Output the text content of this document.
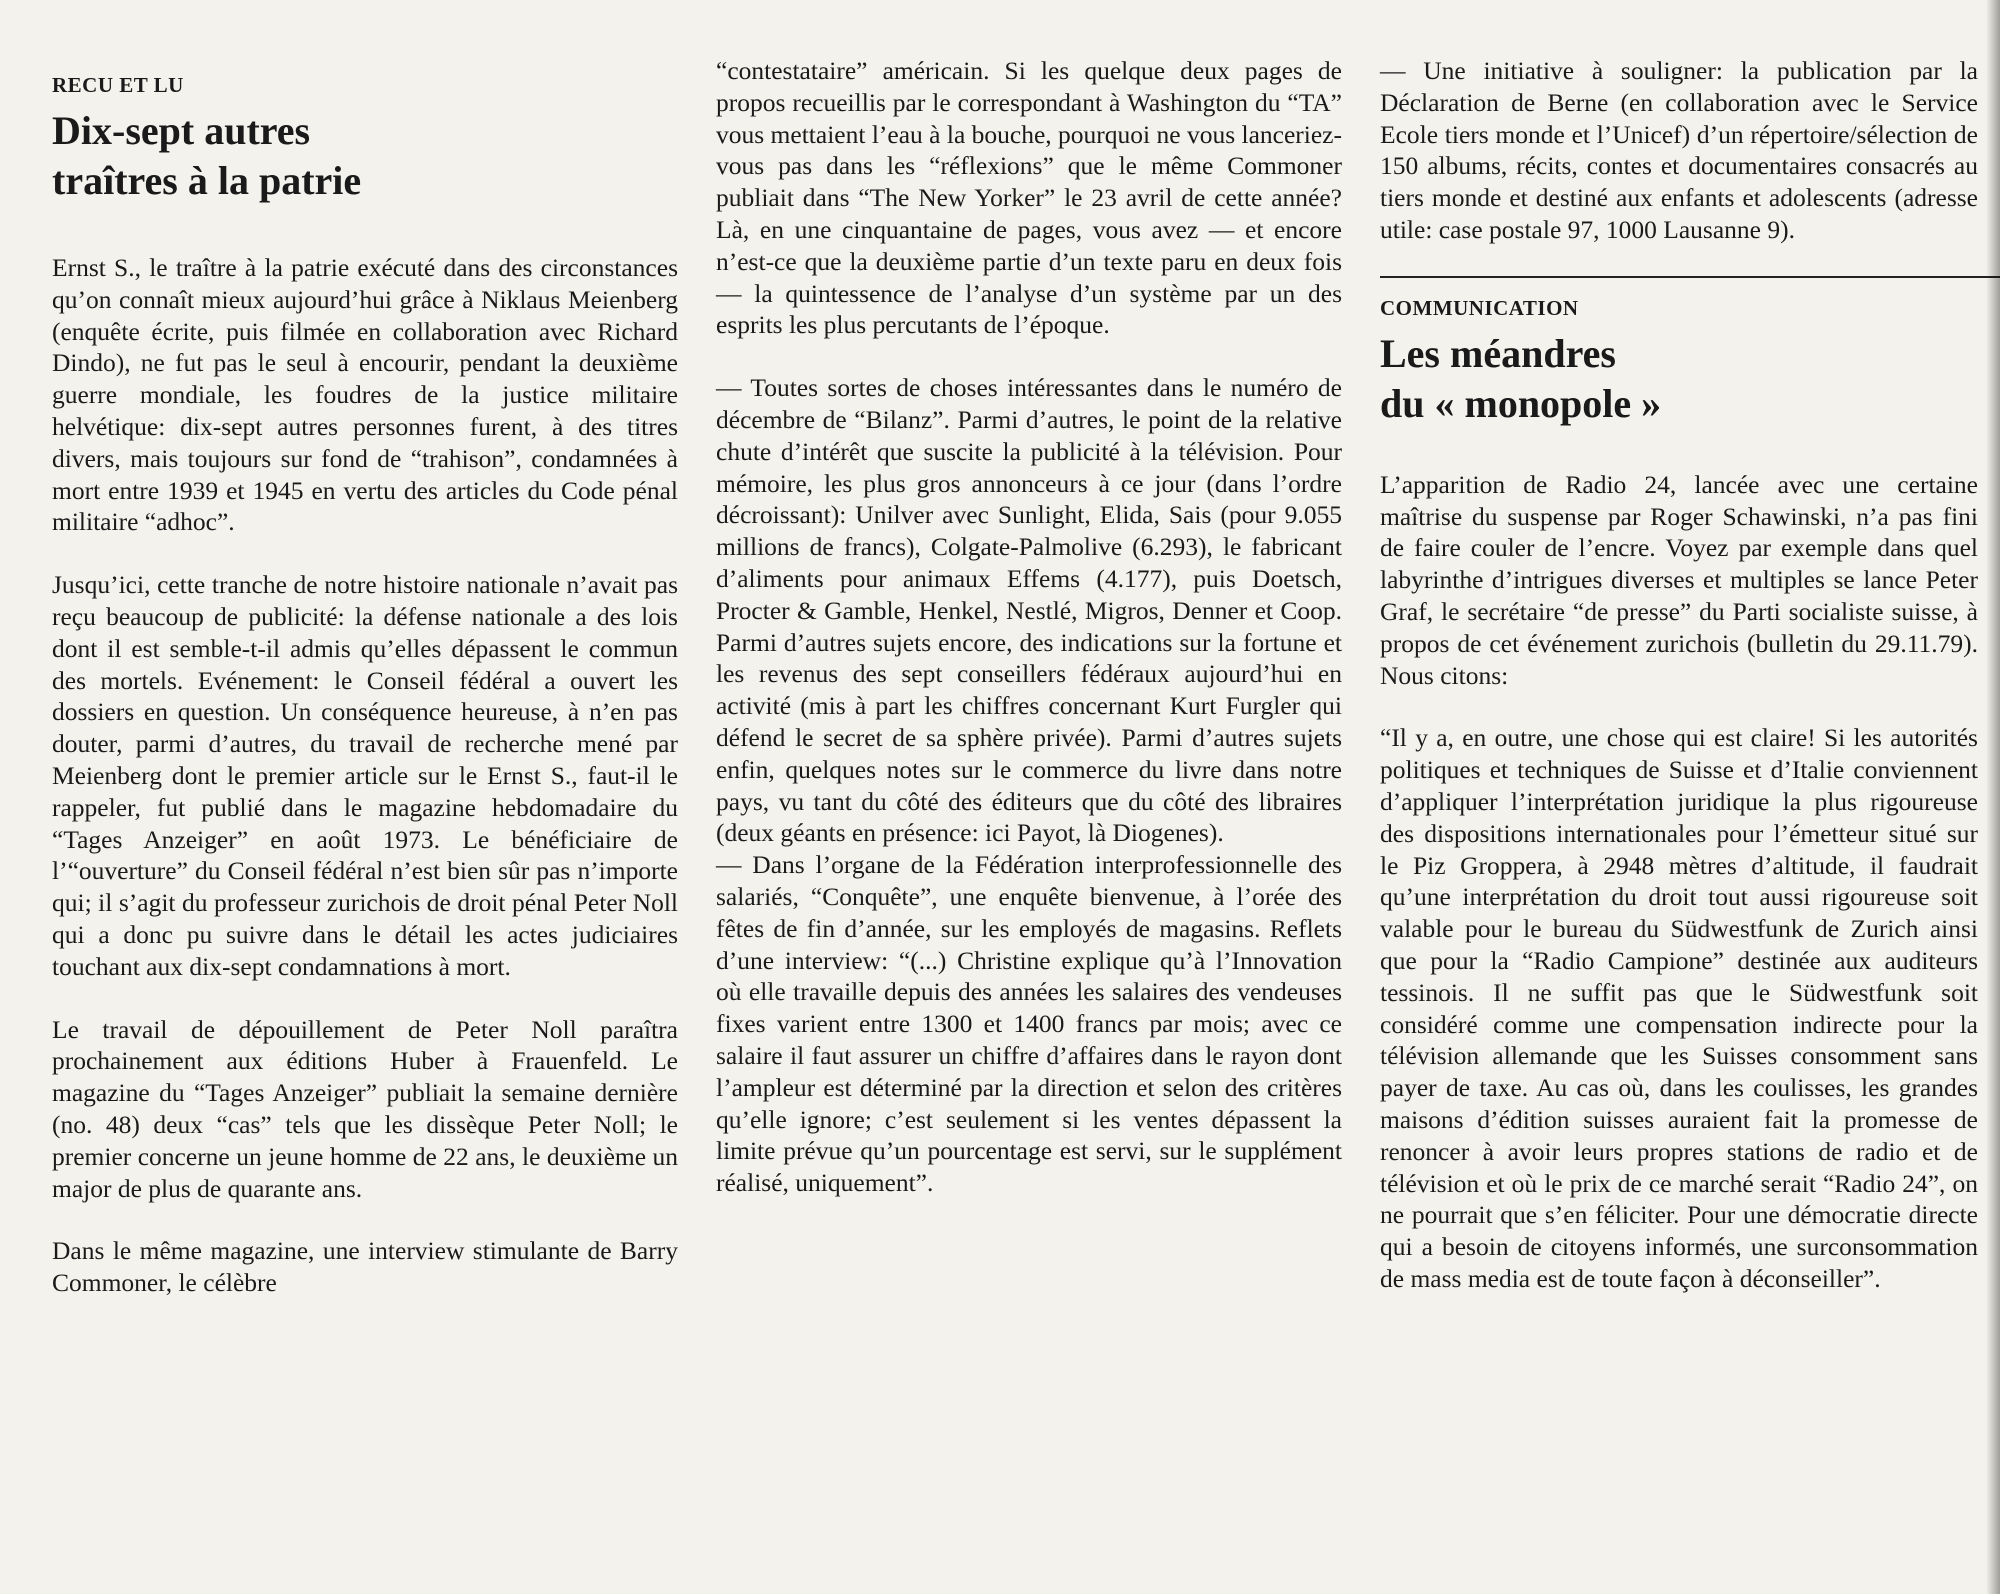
RECU ET LU
Dix-sept autres
traîtres à la patrie

Ernst S., le traître à la patrie exécuté dans des circonstances qu’on connaît mieux aujourd’hui grâce à Niklaus Meienberg (enquête écrite, puis filmée en collaboration avec Richard Dindo), ne fut pas le seul à encourir, pendant la deuxième guerre mondiale, les foudres de la justice militaire helvétique: dix-sept autres personnes furent, à des titres divers, mais toujours sur fond de “trahison”, condamnées à mort entre 1939 et 1945 en vertu des articles du Code pénal militaire “adhoc”.

Jusqu’ici, cette tranche de notre histoire nationale n’avait pas reçu beaucoup de publicité: la défense nationale a des lois dont il est semble-t-il admis qu’elles dépassent le commun des mortels. Evénement: le Conseil fédéral a ouvert les dossiers en question. Un conséquence heureuse, à n’en pas douter, parmi d’autres, du travail de recherche mené par Meienberg dont le premier article sur le Ernst S., faut-il le rappeler, fut publié dans le magazine hebdomadaire du “Tages Anzeiger” en août 1973. Le bénéficiaire de l’“ouverture” du Conseil fédéral n’est bien sûr pas n’importe qui; il s’agit du professeur zurichois de droit pénal Peter Noll qui a donc pu suivre dans le détail les actes judiciaires touchant aux dix-sept condamnations à mort.

Le travail de dépouillement de Peter Noll paraîtra prochainement aux éditions Huber à Frauenfeld. Le magazine du “Tages Anzeiger” publiait la semaine dernière (no. 48) deux “cas” tels que les dissèque Peter Noll; le premier concerne un jeune homme de 22 ans, le deuxième un major de plus de quarante ans.

Dans le même magazine, une interview stimulante de Barry Commoner, le célèbre

“contestataire” américain. Si les quelque deux pages de propos recueillis par le correspondant à Washington du “TA” vous mettaient l’eau à la bouche, pourquoi ne vous lanceriez-vous pas dans les “réflexions” que le même Commoner publiait dans “The New Yorker” le 23 avril de cette année? Là, en une cinquantaine de pages, vous avez — et encore n’est-ce que la deuxième partie d’un texte paru en deux fois — la quintessence de l’analyse d’un système par un des esprits les plus percutants de l’époque.

— Toutes sortes de choses intéressantes dans le numéro de décembre de “Bilanz”. Parmi d’autres, le point de la relative chute d’intérêt que suscite la publicité à la télévision. Pour mémoire, les plus gros annonceurs à ce jour (dans l’ordre décroissant): Unilver avec Sunlight, Elida, Sais (pour 9.055 millions de francs), Colgate-Palmolive (6.293), le fabricant d’aliments pour animaux Effems (4.177), puis Doetsch, Procter & Gamble, Henkel, Nestlé, Migros, Denner et Coop. Parmi d’autres sujets encore, des indications sur la fortune et les revenus des sept conseillers fédéraux aujourd’hui en activité (mis à part les chiffres concernant Kurt Furgler qui défend le secret de sa sphère privée). Parmi d’autres sujets enfin, quelques notes sur le commerce du livre dans notre pays, vu tant du côté des éditeurs que du côté des libraires (deux géants en présence: ici Payot, là Diogenes).

— Dans l’organe de la Fédération interprofessionnelle des salariés, “Conquête”, une enquête bienvenue, à l’orée des fêtes de fin d’année, sur les employés de magasins. Reflets d’une interview: “(...) Christine explique qu’à l’Innovation où elle travaille depuis des années les salaires des vendeuses fixes varient entre 1300 et 1400 francs par mois; avec ce salaire il faut assurer un chiffre d’affaires dans le rayon dont l’ampleur est déterminé par la direction et selon des critères qu’elle ignore; c’est seulement si les ventes dépassent la limite prévue qu’un pourcentage est servi, sur le supplément réalisé, uniquement”.

— Une initiative à souligner: la publication par la Déclaration de Berne (en collaboration avec le Service Ecole tiers monde et l’Unicef) d’un répertoire/sélection de 150 albums, récits, contes et documentaires consacrés au tiers monde et destiné aux enfants et adolescents (adresse utile: case postale 97, 1000 Lausanne 9).

COMMUNICATION
Les méandres
du « monopole »

L’apparition de Radio 24, lancée avec une certaine maîtrise du suspense par Roger Schawinski, n’a pas fini de faire couler de l’encre. Voyez par exemple dans quel labyrinthe d’intrigues diverses et multiples se lance Peter Graf, le secrétaire “de presse” du Parti socialiste suisse, à propos de cet événement zurichois (bulletin du 29.11.79). Nous citons:

“Il y a, en outre, une chose qui est claire! Si les autorités politiques et techniques de Suisse et d’Italie conviennent d’appliquer l’interprétation juridique la plus rigoureuse des dispositions internationales pour l’émetteur situé sur le Piz Groppera, à 2948 mètres d’altitude, il faudrait qu’une interprétation du droit tout aussi rigoureuse soit valable pour le bureau du Südwestfunk de Zurich ainsi que pour la “Radio Campione” destinée aux auditeurs tessinois. Il ne suffit pas que le Südwestfunk soit considéré comme une compensation indirecte pour la télévision allemande que les Suisses consomment sans payer de taxe. Au cas où, dans les coulisses, les grandes maisons d’édition suisses auraient fait la promesse de renoncer à avoir leurs propres stations de radio et de télévision et où le prix de ce marché serait “Radio 24”, on ne pourrait que s’en féliciter. Pour une démocratie directe qui a besoin de citoyens informés, une surconsommation de mass media est de toute façon à déconseiller”.
